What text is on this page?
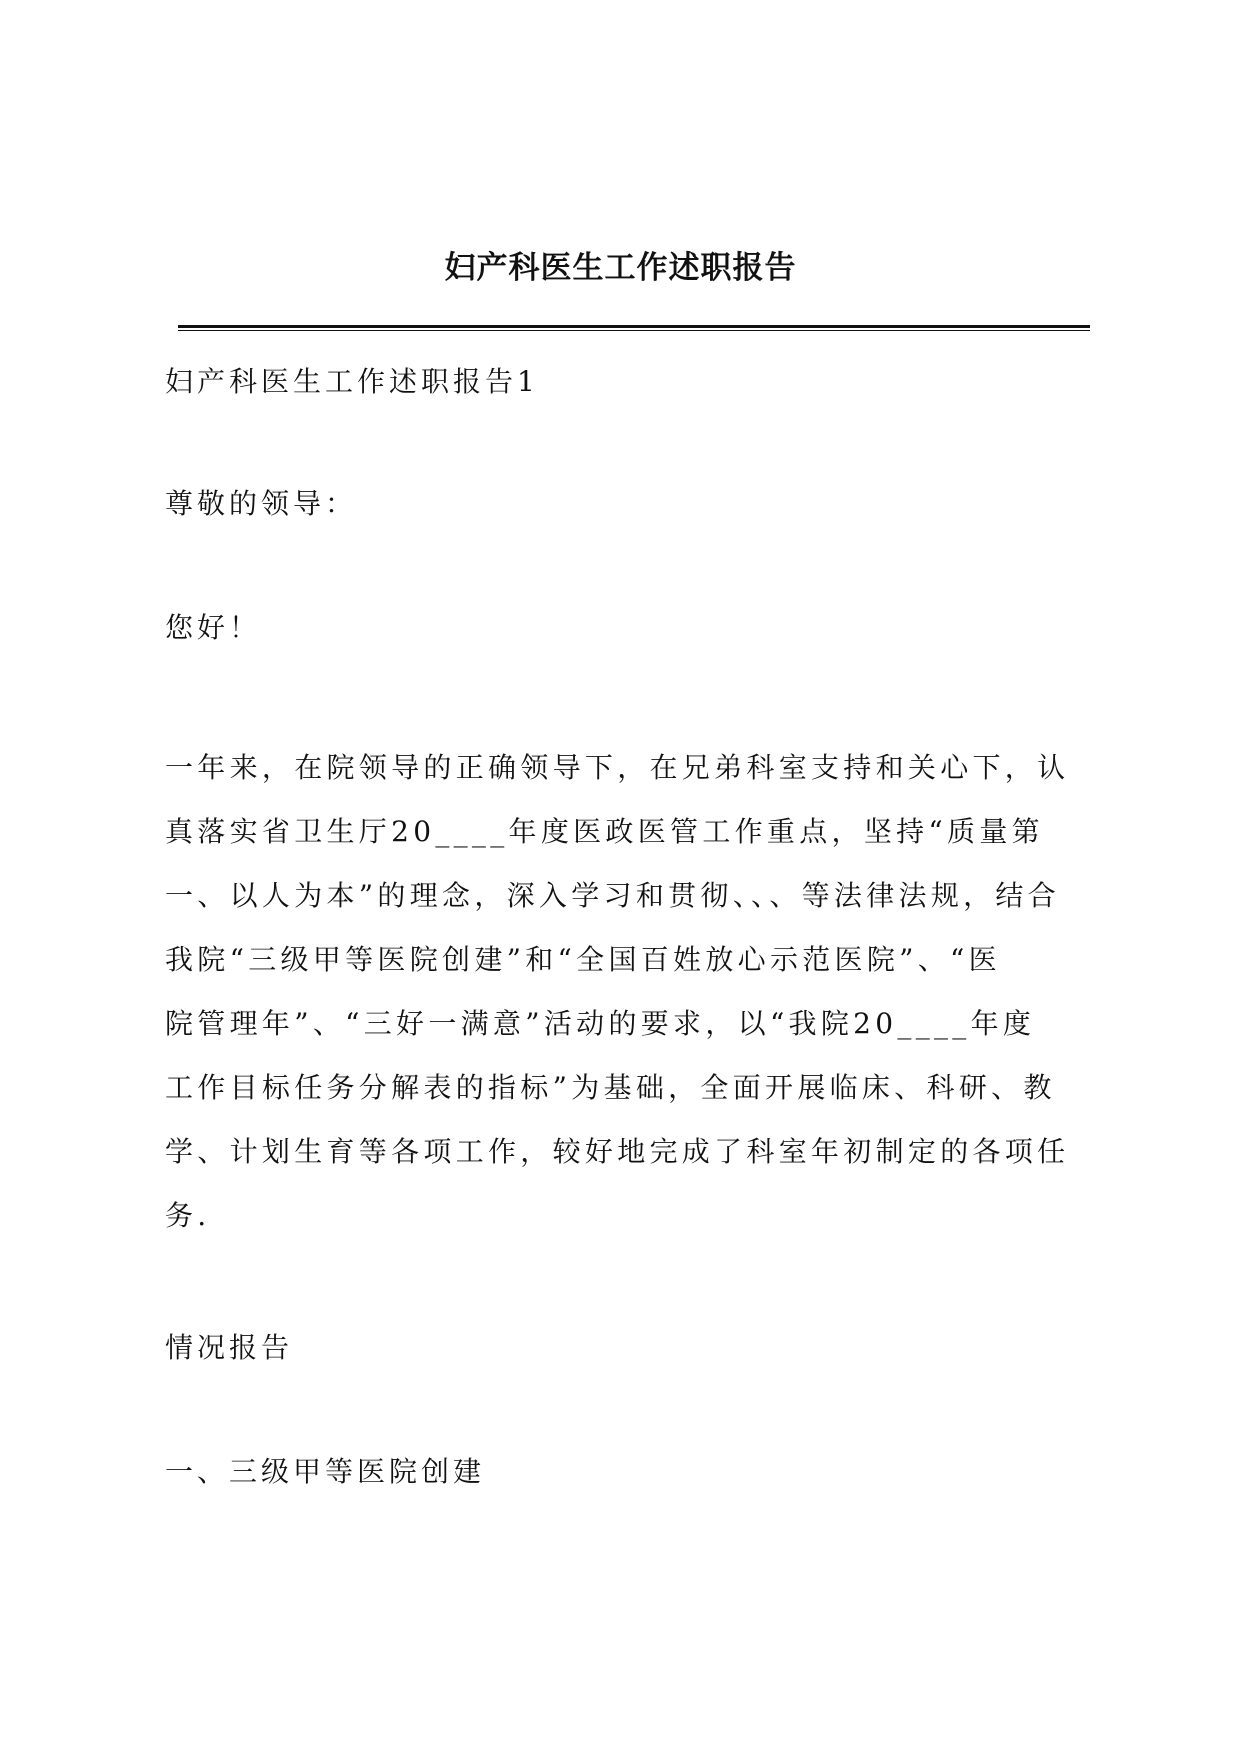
妇产科医生工作述职报告

妇产科医生工作述职报告1

尊敬的领导：

您好！

一年来，在院领导的正确领导下，在兄弟科室支持和关心下，认
真落实省卫生厅20____年度医政医管工作重点，坚持“质量第
一、以人为本”的理念，深入学习和贯彻、、、等法律法规，结合
我院“三级甲等医院创建”和“全国百姓放心示范医院”、“医
院管理年”、“三好一满意”活动的要求，以“我院20____年度
工作目标任务分解表的指标”为基础，全面开展临床、科研、教
学、计划生育等各项工作，较好地完成了科室年初制定的各项任
务.

情况报告

一、三级甲等医院创建
